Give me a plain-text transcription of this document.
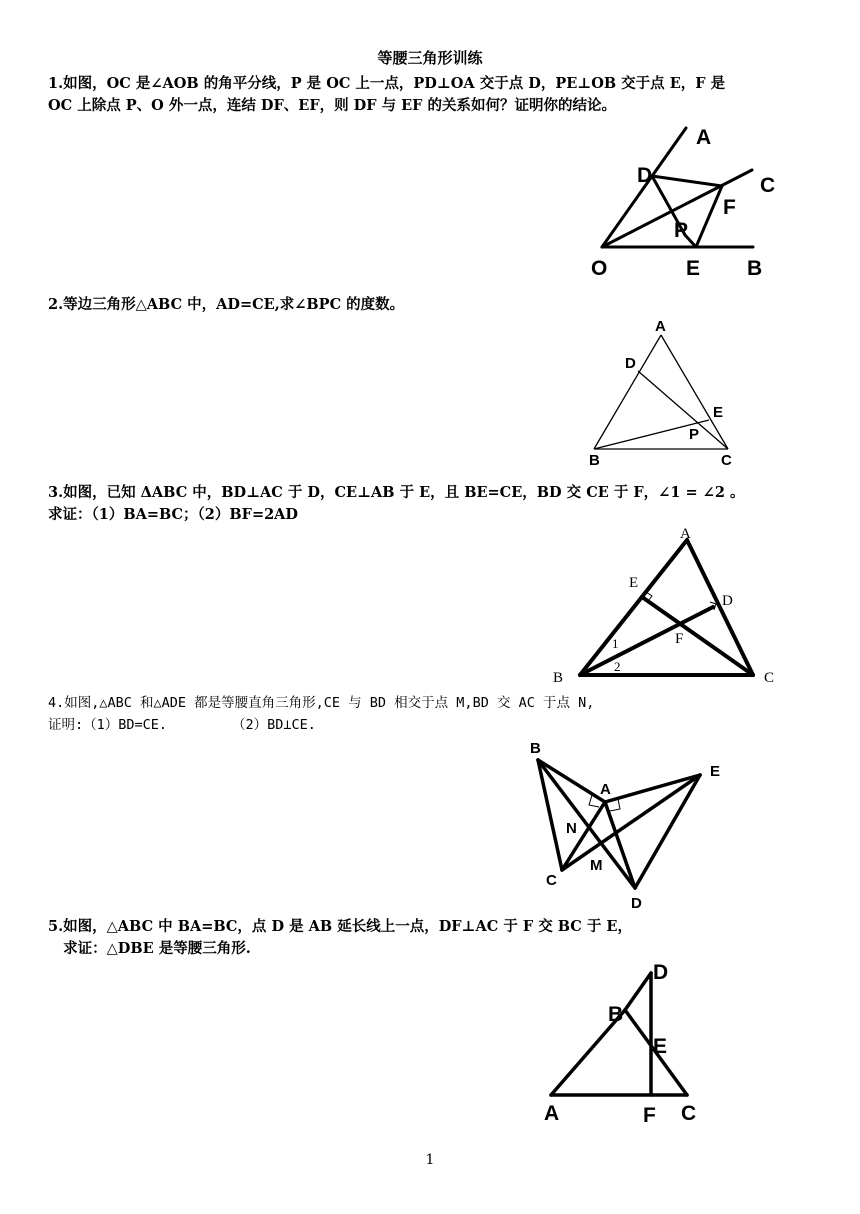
等腰三角形训练
1.如图，OC 是∠AOB 的角平分线，P 是 OC 上一点，PD⊥OA 交于点 D，PE⊥OB 交于点 E，F 是
OC 上除点 P、O 外一点，连结 DF、EF，则 DF 与 EF 的关系如何？证明你的结论。
A
C
D
F
P
O	E B
2.等边三角形△ABC 中，AD=CE,求∠BPC 的度数。
A
D
E
P
B	C
3.如图，已知 ΔABC 中，BD⊥AC 于 D，CE⊥AB 于 E，且 BE=CE，BD 交 CE 于 F，∠1 = ∠2 。
求证：（1）BA=BC；（2）BF=2AD
A
E
D
F
1
2
B	C
4.如图,△ABC 和△ADE 都是等腰直角三角形,CE 与 BD 相交于点 M,BD 交 AC 于点 N,
证明:（1）BD=CE.        （2）BD⊥CE.
B
A
E
N
M
C
D
5.如图，△ABC 中 BA=BC，点 D 是 AB 延长线上一点，DF⊥AC 于 F 交 BC 于 E，
求证：△DBE 是等腰三角形.
D
B
E
A	F C
1
